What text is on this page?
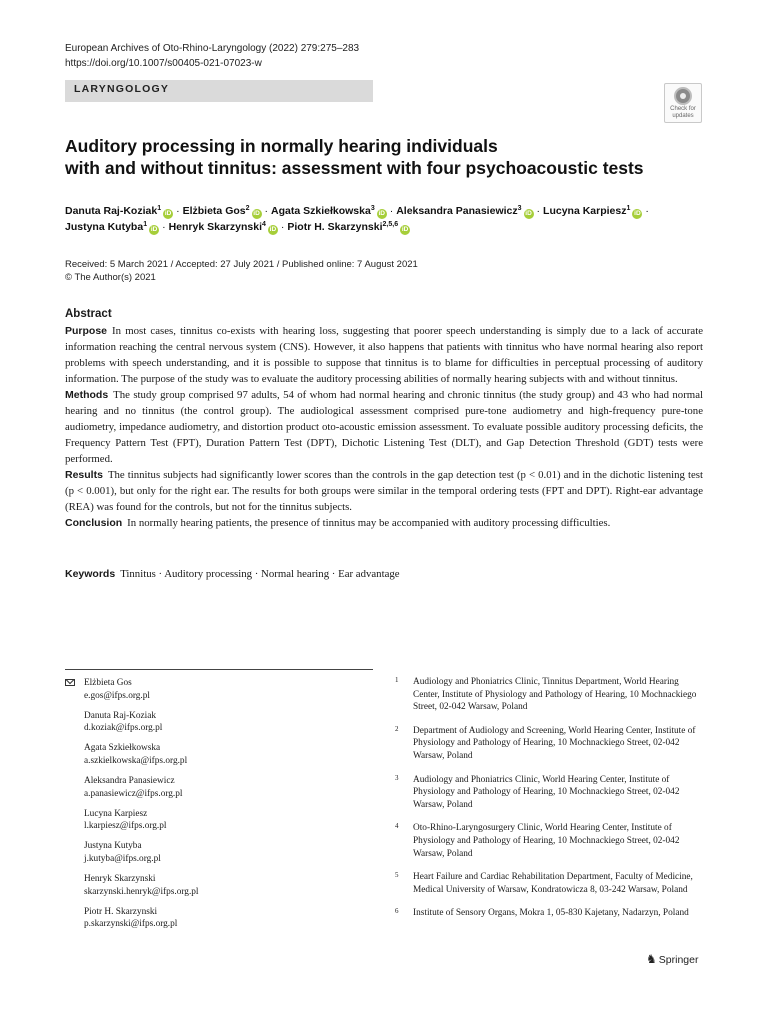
European Archives of Oto-Rhino-Laryngology (2022) 279:275–283
https://doi.org/10.1007/s00405-021-07023-w
LARYNGOLOGY
Check for
updates
Auditory processing in normally hearing individuals
with and without tinnitus: assessment with four psychoacoustic tests
Danuta Raj-Koziak$^1$iD · Elżbieta Gos$^2$iD · Agata Szkiełkowska$^3$iD · Aleksandra Panasiewicz$^3$iD · Lucyna Karpiesz$^1$iD ·
Justyna Kutyba$^1$iD · Henryk Skarzynski$^4$iD · Piotr H. Skarzynski$^{2,5,6}$iD
Received: 5 March 2021 / Accepted: 27 July 2021 / Published online: 7 August 2021
© The Author(s) 2021
Abstract

Purpose In most cases, tinnitus co-exists with hearing loss, suggesting that poorer speech understanding is simply due to a lack of accurate information reaching the central nervous system (CNS). However, it also happens that patients with tinnitus who have normal hearing also report problems with speech understanding, and it is possible to suppose that tinnitus is to blame for difficulties in perceptual processing of auditory information. The purpose of the study was to evaluate the auditory processing abilities of normally hearing subjects with and without tinnitus.

Methods The study group comprised 97 adults, 54 of whom had normal hearing and chronic tinnitus (the study group) and 43 who had normal hearing and no tinnitus (the control group). The audiological assessment comprised pure-tone audiometry and high-frequency pure-tone audiometry, impedance audiometry, and distortion product oto-acoustic emission assessment. To evaluate possible auditory processing deficits, the Frequency Pattern Test (FPT), Duration Pattern Test (DPT), Dichotic Listening Test (DLT), and Gap Detection Threshold (GDT) tests were performed.

Results The tinnitus subjects had significantly lower scores than the controls in the gap detection test (p < 0.01) and in the dichotic listening test (p < 0.001), but only for the right ear. The results for both groups were similar in the temporal ordering tests (FPT and DPT). Right-ear advantage (REA) was found for the controls, but not for the tinnitus subjects.

Conclusion In normally hearing patients, the presence of tinnitus may be accompanied with auditory processing difficulties.

Keywords Tinnitus · Auditory processing · Normal hearing · Ear advantage
Elżbieta Gos
e.gos@ifps.org.pl
Danuta Raj-Koziak
d.koziak@ifps.org.pl
Agata Szkiełkowska
a.szkielkowska@ifps.org.pl
Aleksandra Panasiewicz
a.panasiewicz@ifps.org.pl
Lucyna Karpiesz
l.karpiesz@ifps.org.pl
Justyna Kutyba
j.kutyba@ifps.org.pl
Henryk Skarzynski
skarzynski.henryk@ifps.org.pl
Piotr H. Skarzynski
p.skarzynski@ifps.org.pl
1 Audiology and Phoniatrics Clinic, Tinnitus Department, World Hearing Center, Institute of Physiology and Pathology of Hearing, 10 Mochnackiego Street, 02-042 Warsaw, Poland
2 Department of Audiology and Screening, World Hearing Center, Institute of Physiology and Pathology of Hearing, 10 Mochnackiego Street, 02-042 Warsaw, Poland
3 Audiology and Phoniatrics Clinic, World Hearing Center, Institute of Physiology and Pathology of Hearing, 10 Mochnackiego Street, 02-042 Warsaw, Poland
4 Oto-Rhino-Laryngosurgery Clinic, World Hearing Center, Institute of Physiology and Pathology of Hearing, 10 Mochnackiego Street, 02-042 Warsaw, Poland
5 Heart Failure and Cardiac Rehabilitation Department, Faculty of Medicine, Medical University of Warsaw, Kondratowicza 8, 03-242 Warsaw, Poland
6 Institute of Sensory Organs, Mokra 1, 05-830 Kajetany, Nadarzyn, Poland
♞ Springer
